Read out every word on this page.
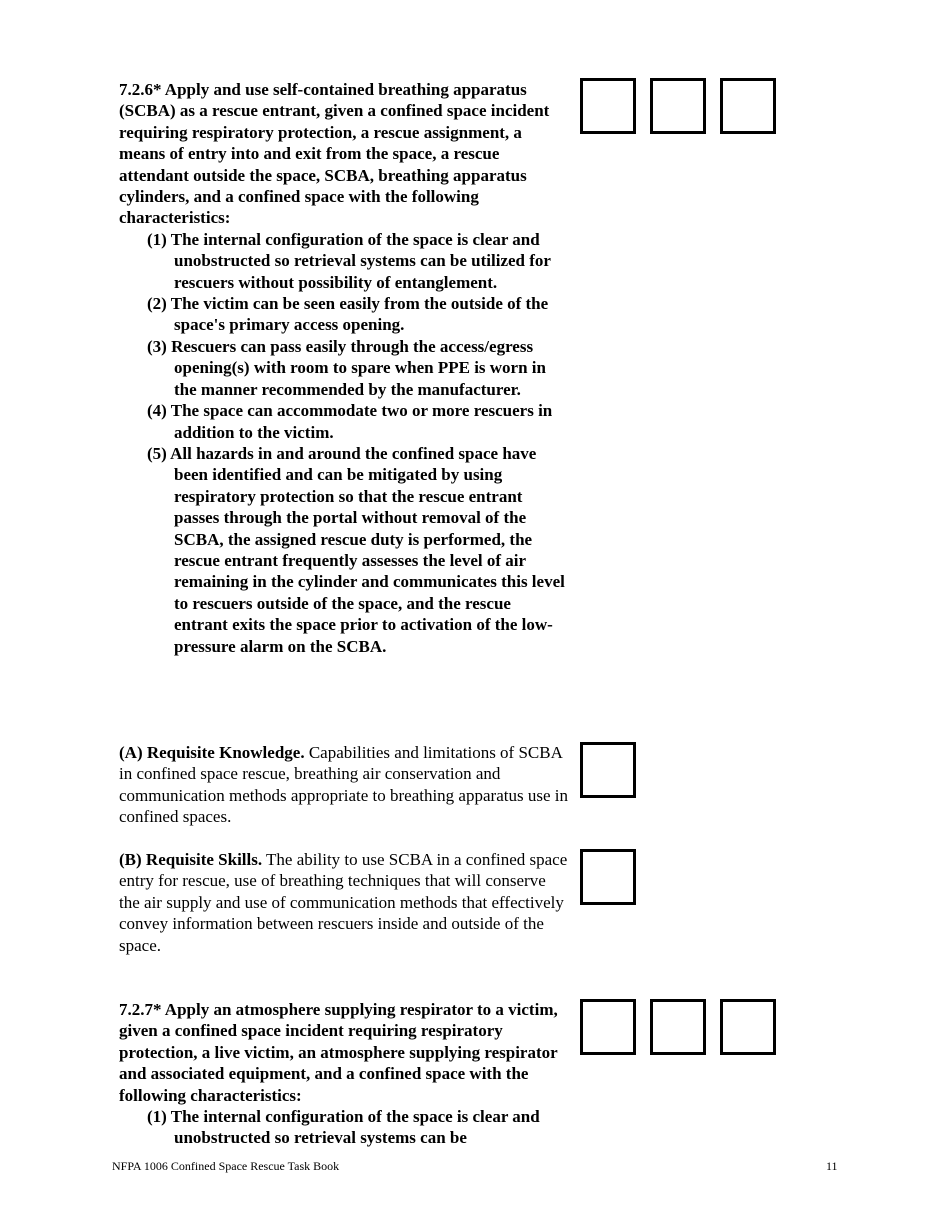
7.2.6* Apply and use self-contained breathing apparatus (SCBA) as a rescue entrant, given a confined space incident requiring respiratory protection, a rescue assignment, a means of entry into and exit from the space, a rescue attendant outside the space, SCBA, breathing apparatus cylinders, and a confined space with the following characteristics:

(1) The internal configuration of the space is clear and unobstructed so retrieval systems can be utilized for rescuers without possibility of entanglement.
(2) The victim can be seen easily from the outside of the space's primary access opening.
(3) Rescuers can pass easily through the access/egress opening(s) with room to spare when PPE is worn in the manner recommended by the manufacturer.
(4) The space can accommodate two or more rescuers in addition to the victim.
(5) All hazards in and around the confined space have been identified and can be mitigated by using respiratory protection so that the rescue entrant passes through the portal without removal of the SCBA, the assigned rescue duty is performed, the rescue entrant frequently assesses the level of air remaining in the cylinder and communicates this level to rescuers outside of the space, and the rescue entrant exits the space prior to activation of the low-pressure alarm on the SCBA.

(A) Requisite Knowledge. Capabilities and limitations of SCBA in confined space rescue, breathing air conservation and communication methods appropriate to breathing apparatus use in confined spaces.

(B) Requisite Skills. The ability to use SCBA in a confined space entry for rescue, use of breathing techniques that will conserve the air supply and use of communication methods that effectively convey information between rescuers inside and outside of the space.

7.2.7* Apply an atmosphere supplying respirator to a victim, given a confined space incident requiring respiratory protection, a live victim, an atmosphere supplying respirator and associated equipment, and a confined space with the following characteristics:

(1) The internal configuration of the space is clear and unobstructed so retrieval systems can be
NFPA 1006 Confined Space Rescue Task Book	11
